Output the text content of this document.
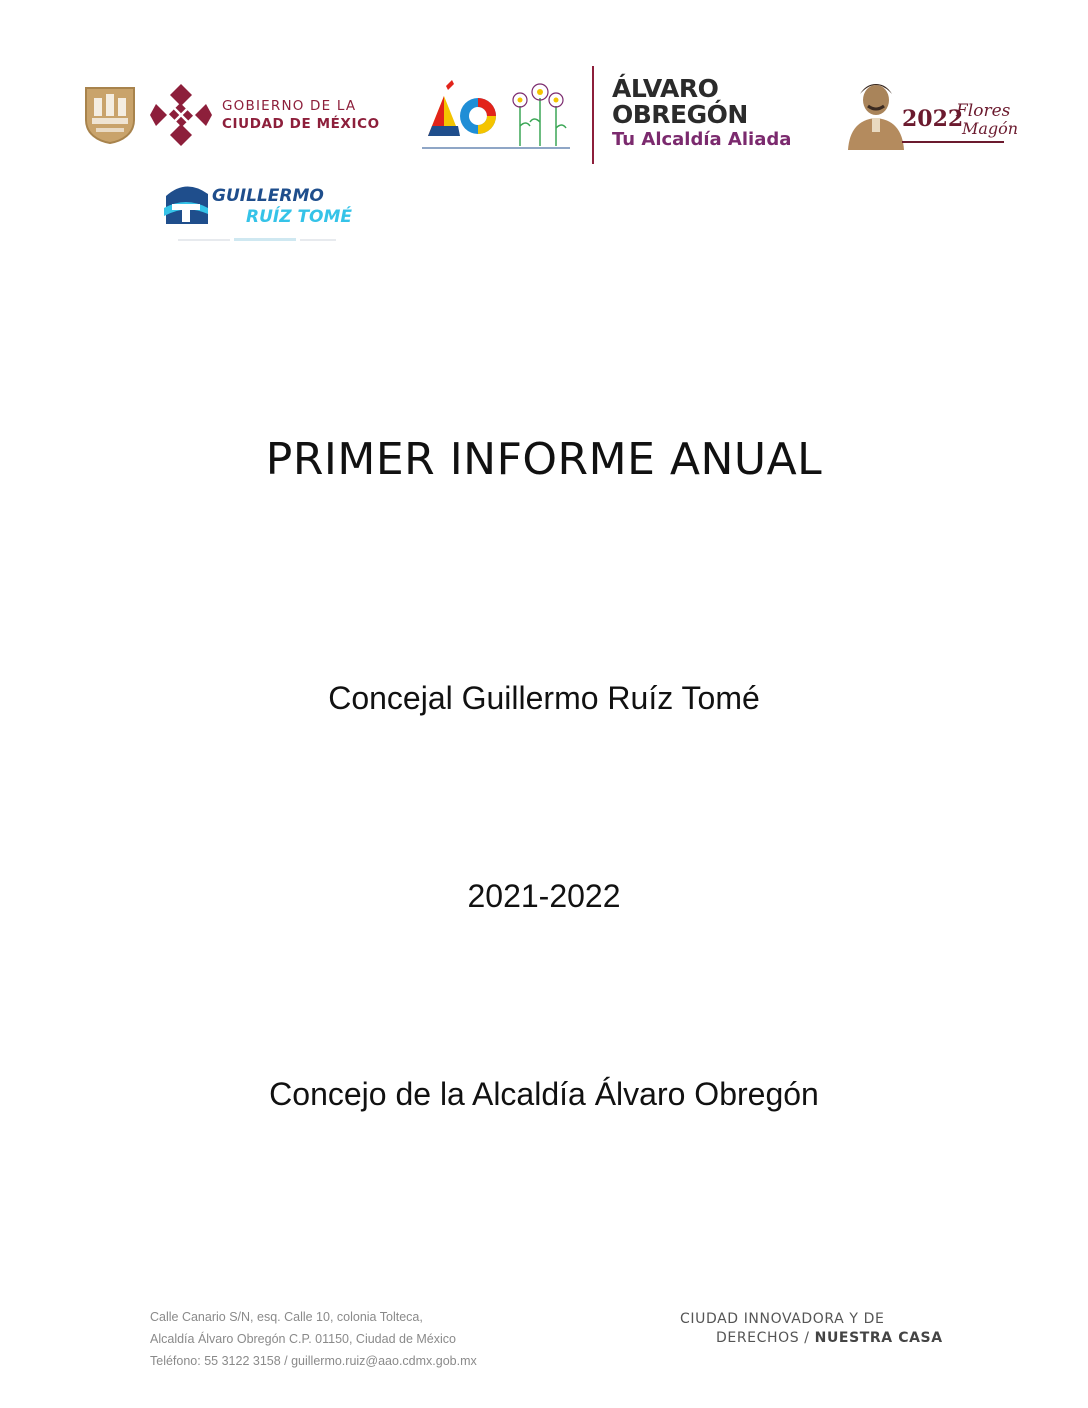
GOBIERNO DE LA
CIUDAD DE MÉXICO
ÁLVARO
OBREGÓN
Tu Alcaldía Aliada
2022
Flores
Magón
GUILLERMO
RUÍZ TOMÉ
PRIMER INFORME ANUAL
Concejal Guillermo Ruíz Tomé
2021-2022
Concejo de la Alcaldía Álvaro Obregón
Calle Canario S/N, esq. Calle 10, colonia Tolteca,
Alcaldía Álvaro Obregón C.P. 01150, Ciudad de México
Teléfono: 55 3122 3158 / guillermo.ruiz@aao.cdmx.gob.mx
CIUDAD INNOVADORA Y DE
DERECHOS / NUESTRA CASA
